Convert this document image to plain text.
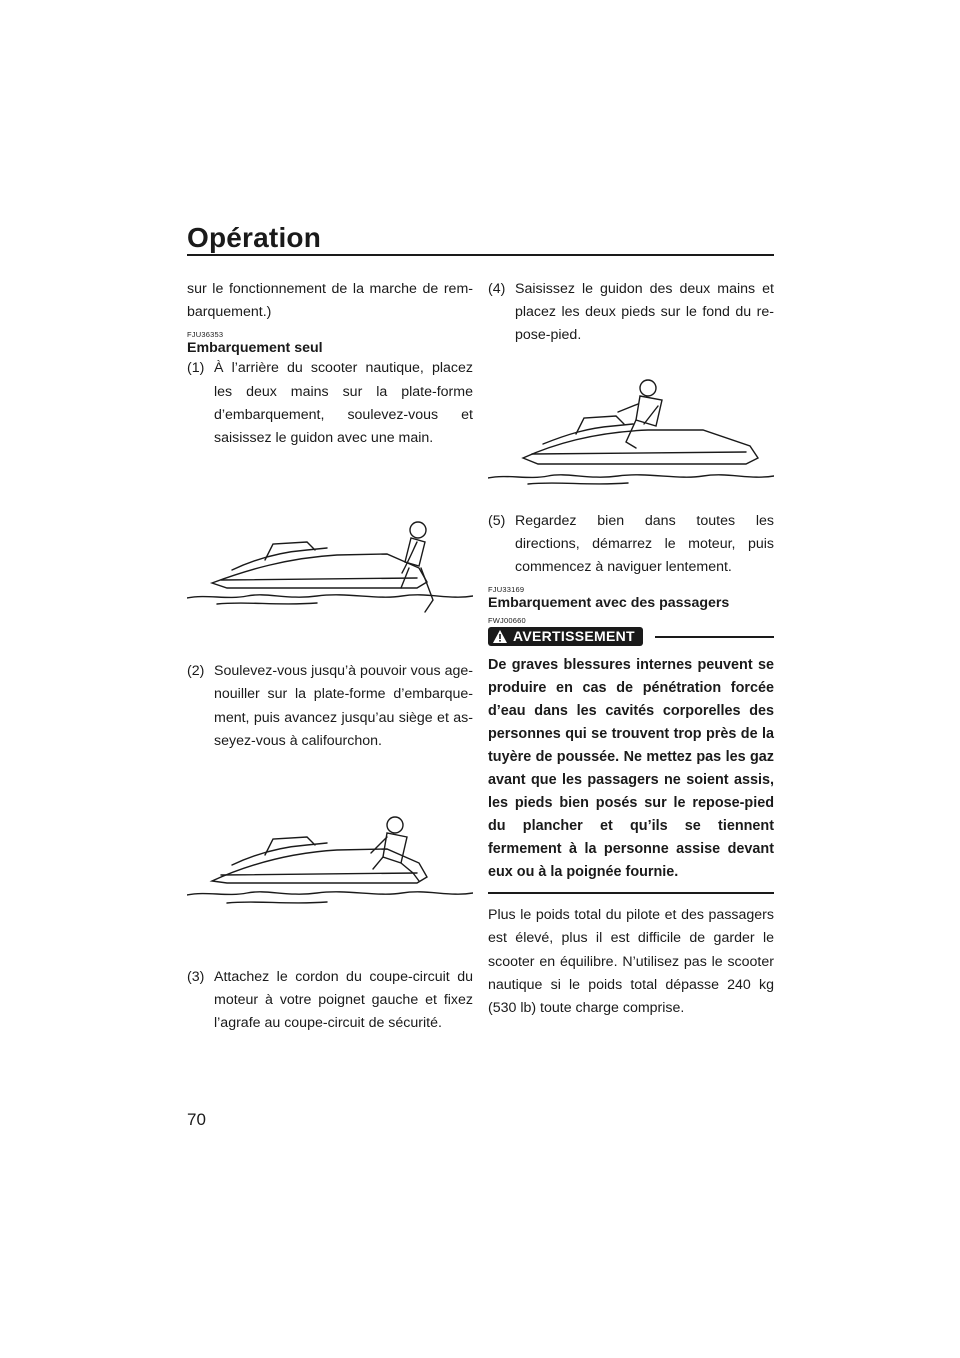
Opération

sur le fonctionnement de la marche de rembarquement.)

FJU36353
Embarquement seul
(1) À l’arrière du scooter nautique, placez les deux mains sur la plate-forme d’embarquement, soulevez-vous et saisissez le guidon avec une main.
(2) Soulevez-vous jusqu’à pouvoir vous agenouiller sur la plate-forme d’embarquement, puis avancez jusqu’au siège et asseyez-vous à califourchon.
(3) Attachez le cordon du coupe-circuit du moteur à votre poignet gauche et fixez l’agrafe au coupe-circuit de sécurité.
(4) Saisissez le guidon des deux mains et placez les deux pieds sur le fond du repose-pied.
(5) Regardez bien dans toutes les directions, démarrez le moteur, puis commencez à naviguer lentement.
FJU33169
Embarquement avec des passagers
FWJ00660
AVERTISSEMENT

De graves blessures internes peuvent se produire en cas de pénétration forcée d’eau dans les cavités corporelles des personnes qui se trouvent trop près de la tuyère de poussée. Ne mettez pas les gaz avant que les passagers ne soient assis, les pieds bien posés sur le repose-pied du plancher et qu’ils se tiennent fermement à la personne assise devant eux ou à la poignée fournie.

Plus le poids total du pilote et des passagers est élevé, plus il est difficile de garder le scooter en équilibre. N’utilisez pas le scooter nautique si le poids total dépasse 240 kg (530 lb) toute charge comprise.

70
